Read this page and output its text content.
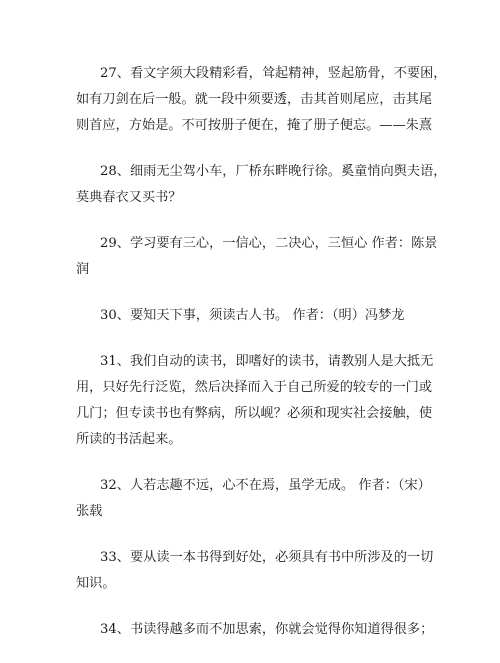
27、看文字须大段精彩看，耸起精神，竖起筋骨，不要困，
如有刀剑在后一般。就一段中须要透，击其首则尾应，击其尾
则首应，方始是。不可按册子便在，掩了册子便忘。——朱熹
28、细雨无尘驾小车，厂桥东畔晚行徐。奚童悄向舆夫语，
莫典春衣又买书？
29、学习要有三心，一信心，二决心，三恒心 作者：陈景
润
30、要知天下事，须读古人书。 作者：（明）冯梦龙
31、我们自动的读书，即嗜好的读书，请教别人是大抵无
用，只好先行泛览，然后决择而入于自己所爱的较专的一门或
几门；但专读书也有弊病，所以岘？必须和现实社会接触，使
所读的书活起来。
32、人若志趣不远，心不在焉，虽学无成。 作者：（宋）
张载
33、要从读一本书得到好处，必须具有书中所涉及的一切
知识。
34、书读得越多而不加思索，你就会觉得你知道得很多；
